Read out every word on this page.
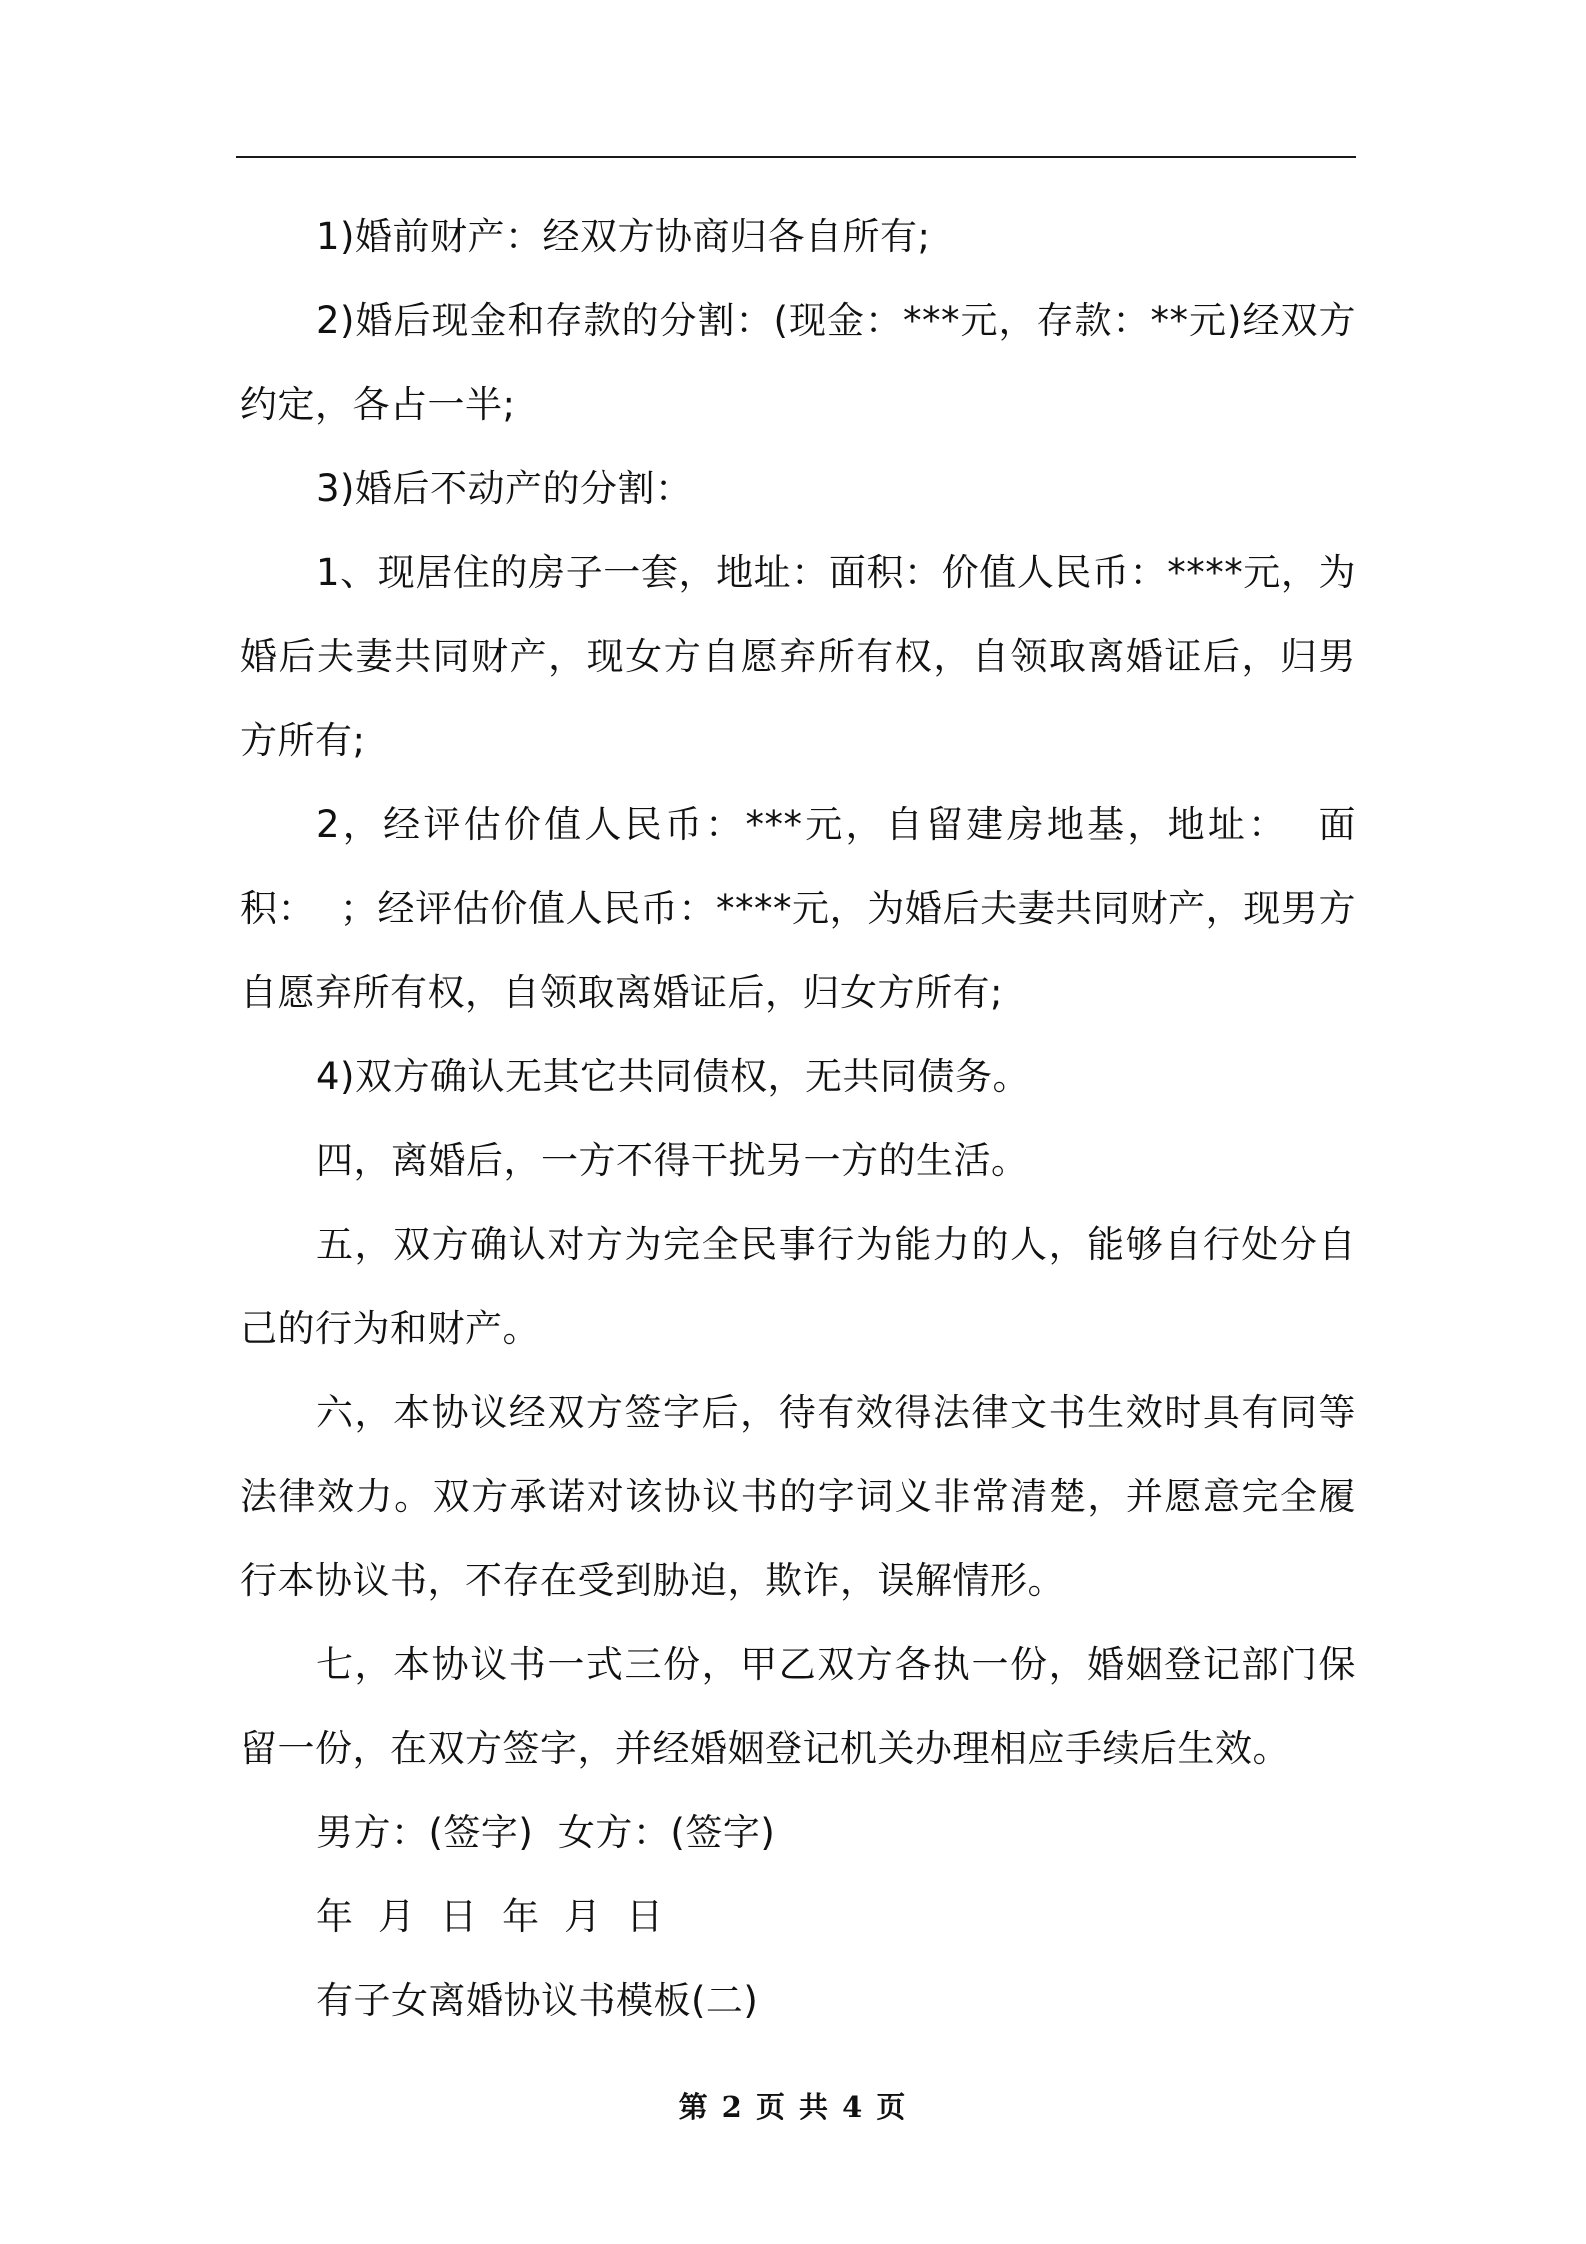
1)婚前财产：经双方协商归各自所有;

2)婚后现金和存款的分割：(现金：***元，存款：**元)经双方约定，各占一半;

3)婚后不动产的分割：

1、现居住的房子一套，地址：面积：价值人民币：****元，为婚后夫妻共同财产，现女方自愿弃所有权，自领取离婚证后，归男方所有;

2，经评估价值人民币：***元，自留建房地基，地址：  面积：  ；经评估价值人民币：****元，为婚后夫妻共同财产，现男方自愿弃所有权，自领取离婚证后，归女方所有;

4)双方确认无其它共同债权，无共同债务。

四，离婚后，一方不得干扰另一方的生活。

五，双方确认对方为完全民事行为能力的人，能够自行处分自己的行为和财产。

六，本协议经双方签字后，待有效得法律文书生效时具有同等法律效力。双方承诺对该协议书的字词义非常清楚，并愿意完全履行本协议书，不存在受到胁迫，欺诈，误解情形。

七，本协议书一式三份，甲乙双方各执一份，婚姻登记部门保留一份，在双方签字，并经婚姻登记机关办理相应手续后生效。

男方：(签字)  女方：(签字)

年  月  日  年  月  日

有子女离婚协议书模板(二)

第 2 页 共 4 页
